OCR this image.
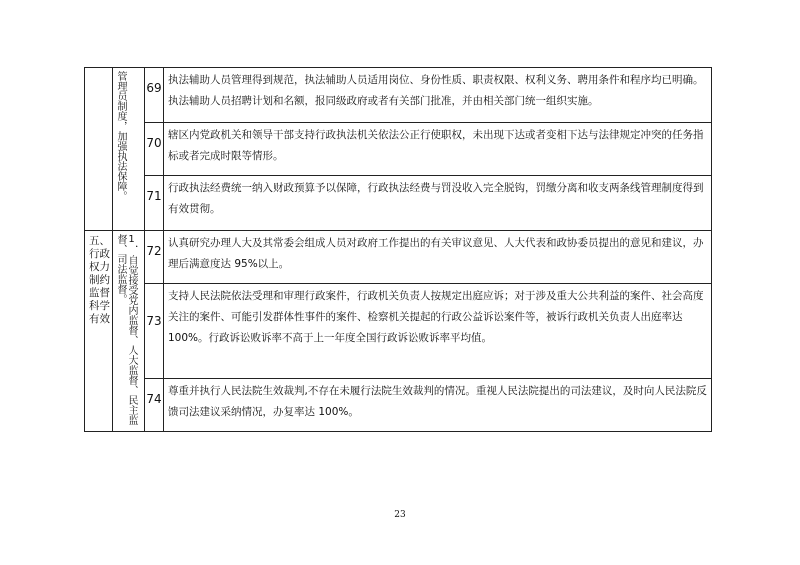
	管理员制度，加强执法保障。	69	执法辅助人员管理得到规范，执法辅助人员适用岗位、身份性质、职责权限、权利义务、聘用条件和程序均已明确。执法辅助人员招聘计划和名额，报同级政府或者有关部门批准，并由相关部门统一组织实施。

		70	辖区内党政机关和领导干部支持行政执法机关依法公正行使职权，未出现下达或者变相下达与法律规定冲突的任务指标或者完成时限等情形。

		71	行政执法经费统一纳入财政预算予以保障，行政执法经费与罚没收入完全脱钩，罚缴分离和收支两条线管理制度得到有效贯彻。

五、行政权力制约监督科学有效	1．自觉接受党内监督、人大监督、民主监督、司法监督。	72	认真研究办理人大及其常委会组成人员对政府工作提出的有关审议意见、人大代表和政协委员提出的意见和建议，办理后满意度达 95%以上。

		73	支持人民法院依法受理和审理行政案件，行政机关负责人按规定出庭应诉；对于涉及重大公共利益的案件、社会高度关注的案件、可能引发群体性事件的案件、检察机关提起的行政公益诉讼案件等，被诉行政机关负责人出庭率达 100%。行政诉讼败诉率不高于上一年度全国行政诉讼败诉率平均值。

		74	尊重并执行人民法院生效裁判,不存在未履行法院生效裁判的情况。重视人民法院提出的司法建议，及时向人民法院反馈司法建议采纳情况，办复率达 100%。
23
